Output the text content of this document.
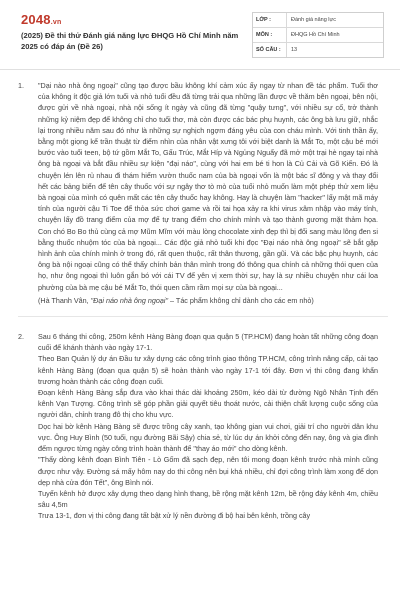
2048.vn
(2025) Đề thi thử Đánh giá năng lực ĐHQG Hồ Chí Minh năm 2025 có đáp án (Đề 26)
LỚP :	Đánh giá năng lực
MÔN :	ĐHQG Hồ Chí Minh
SỐ CÂU :	13
1.	"Dại nào nhà ông ngoại" cũng tạo được bầu không khí cảm xúc ấy ngay từ nhan đề tác phẩm. Tuổi thơ của không ít độc giả lớn tuổi và nhỏ tuổi đều đã từng trải qua những lần được về thăm bên ngoại, bên nội, được gửi về nhà ngoại, nhà nội sống ít ngày và cũng đã từng "quậy tưng", với nhiều sự cố, trở thành những kỷ niệm đẹp để không chỉ cho tuổi thơ, mà còn được các bác phụ huynh, các ông bà lưu giữ, nhắc lại trong nhiều năm sau đó như là những sự nghịch ngợm đáng yêu của con cháu mình. Với tinh thần ấy, bằng một giọng kể trần thuật từ điểm nhìn của nhân vật xưng tôi với biệt danh là Mắt To, một cậu bé mới bước vào tuổi teen, bộ tứ gồm Mắt To, Gấu Trúc, Mắt Híp và Ngủng Nguẩy đã mở một trại hè ngay tại nhà ông bà ngoại và bắt đầu nhiều sự kiện "đại náo", cùng với hai em bé ti hon là Củ Cải và Gõ Kiến. Đó là chuyện lén lên rủ nhau đi thám hiểm vườn thuốc nam của bà ngoại vốn là một bác sĩ đông y và thay đổi hết các bảng biển để tên cây thuốc với sự ngây thơ tò mò của tuổi nhỏ muốn làm một phép thử xem liệu bà ngoại của mình có quên mất các tên cây thuốc hay không. Hay là chuyện làm "hacker" lấy mật mã máy tính của người cậu Ti Toe để thỏa sức chơi game và rồi tai họa xảy ra khi virus xâm nhập vào máy tính, chuyện lấy đồ trang điểm của mợ để tự trang điểm cho chính mình và tạo thành gương mặt thảm họa. Con chó Bo Bo thủ cùng cả mợ Mũm Mĩm với màu lòng chocolate xinh đẹp thì bị đổi sang màu lông đen si bằng thuốc nhuộm tóc của bà ngoại... Các độc giả nhỏ tuổi khi đọc "Đại náo nhà ông ngoại" sẽ bắt gặp hình ảnh của chính mình ở trong đó, rất quen thuộc, rất thân thương, gần gũi. Và các bậc phụ huynh, các ông bà nội ngoại cũng có thể thấy chính bản thân mình trong đó thông qua chính cả những thói quen của họ, như ông ngoại thì luôn gắn bó với cái TV để yên vị xem thời sự, hay là sự nhiều chuyện như cái loa phường của bà mẹ cậu bé Mắt To, thói quen cầm rầm mọi sự của bà ngoại...

(Hà Thanh Vân, "Đại náo nhà ông ngoại" – Tác phẩm không chỉ dành cho các em nhỏ)

2.	Sau 6 tháng thi công, 250m kênh Hàng Bàng đoạn qua quận 5 (TP.HCM) đang hoàn tất những công đoạn cuối để khánh thành vào ngày 17-1.

Theo Ban Quản lý dự án Đầu tư xây dựng các công trình giao thông TP.HCM, công trình nâng cấp, cải tạo kênh Hàng Bàng (đoạn qua quận 5) sẽ hoàn thành vào ngày 17-1 tới đây. Đơn vị thi công đang khẩn trương hoàn thành các công đoạn cuối.

Đoạn kênh Hàng Bàng sắp đưa vào khai thác dài khoảng 250m, kéo dài từ đường Ngô Nhân Tịnh đến kênh Vạn Tượng. Công trình sẽ góp phần giải quyết tiêu thoát nước, cải thiện chất lượng cuộc sống của người dân, chỉnh trang đô thị cho khu vực.

Dọc hai bờ kênh Hàng Bàng sẽ được trồng cây xanh, tạo không gian vui chơi, giải trí cho người dân khu vực. Ông Huy Bình (50 tuổi, ngụ đường Bãi Sậy) chia sẻ, từ lúc dự án khởi công đến nay, ông và gia đình đếm ngược từng ngày công trình hoàn thành để "thay áo mới" cho dòng kênh.

"Thấy dòng kênh đoạn Bình Tiên - Lò Gốm đã sạch đẹp, nên tôi mong đoạn kênh trước nhà mình cũng được như vậy. Đường sá mấy hôm nay do thi công nên bụi khá nhiều, chỉ đợi công trình làm xong để dọn dẹp nhà cửa đón Tết", ông Bình nói.

Tuyến kênh hở được xây dựng theo dạng hình thang, bề rộng mặt kênh 12m, bề rộng đáy kênh 4m, chiều sâu 4,5m

Trưa 13-1, đơn vị thi công đang tất bật xử lý nền đường đi bộ hai bên kênh, trồng cây
